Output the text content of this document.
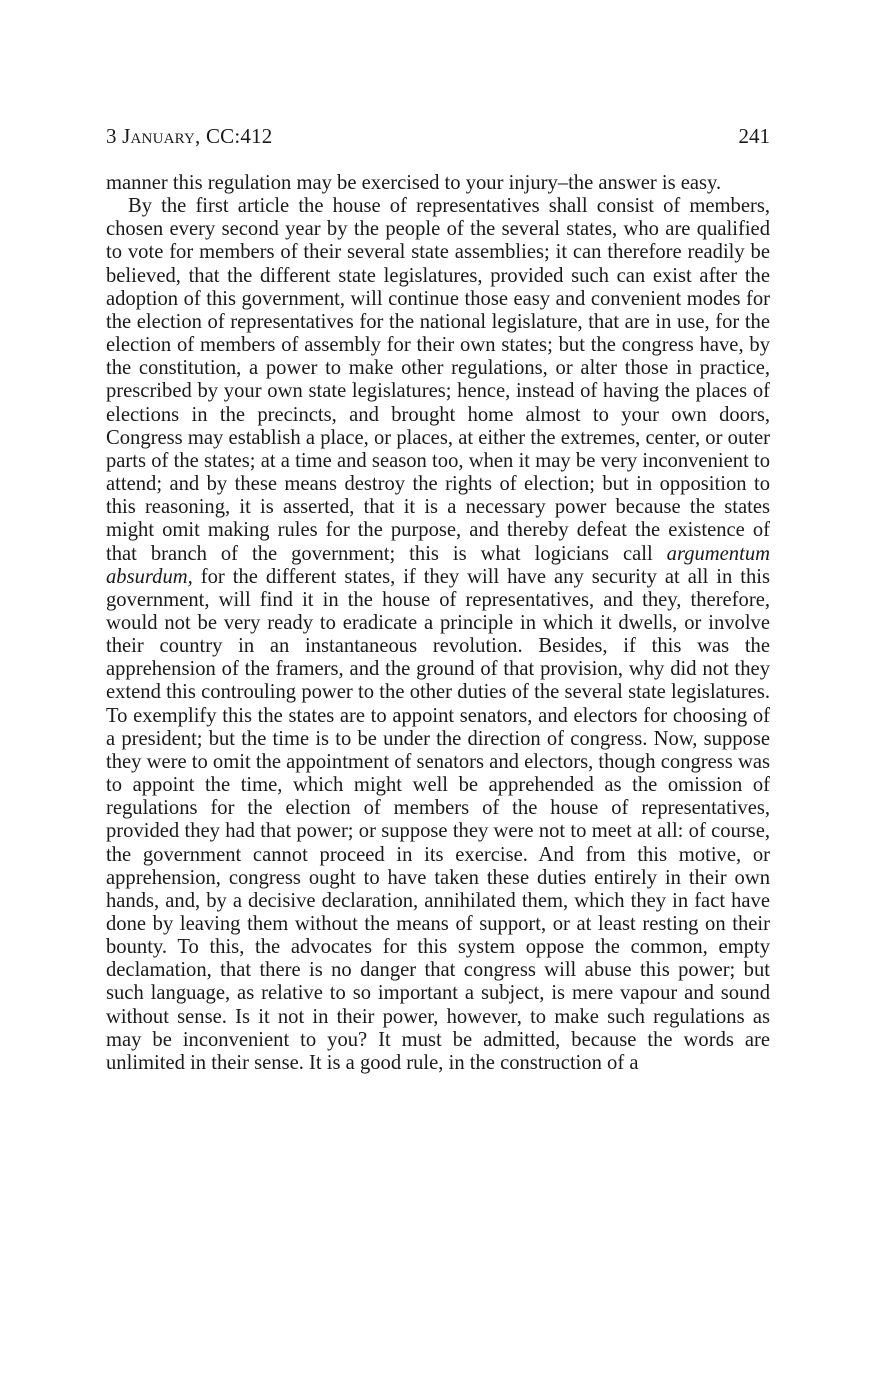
3 January, CC:412	241

manner this regulation may be exercised to your injury–the answer is easy.

By the first article the house of representatives shall consist of members, chosen every second year by the people of the several states, who are qualified to vote for members of their several state assemblies; it can therefore readily be believed, that the different state legislatures, provided such can exist after the adoption of this government, will continue those easy and convenient modes for the election of representatives for the national legislature, that are in use, for the election of members of assembly for their own states; but the congress have, by the constitution, a power to make other regulations, or alter those in practice, prescribed by your own state legislatures; hence, instead of having the places of elections in the precincts, and brought home almost to your own doors, Congress may establish a place, or places, at either the extremes, center, or outer parts of the states; at a time and season too, when it may be very inconvenient to attend; and by these means destroy the rights of election; but in opposition to this reasoning, it is asserted, that it is a necessary power because the states might omit making rules for the purpose, and thereby defeat the existence of that branch of the government; this is what logicians call argumentum absurdum, for the different states, if they will have any security at all in this government, will find it in the house of representatives, and they, therefore, would not be very ready to eradicate a principle in which it dwells, or involve their country in an instantaneous revolution. Besides, if this was the apprehension of the framers, and the ground of that provision, why did not they extend this controuling power to the other duties of the several state legislatures. To exemplify this the states are to appoint senators, and electors for choosing of a president; but the time is to be under the direction of congress. Now, suppose they were to omit the appointment of senators and electors, though congress was to appoint the time, which might well be apprehended as the omission of regulations for the election of members of the house of representatives, provided they had that power; or suppose they were not to meet at all: of course, the government cannot proceed in its exercise. And from this motive, or apprehension, congress ought to have taken these duties entirely in their own hands, and, by a decisive declaration, annihilated them, which they in fact have done by leaving them without the means of support, or at least resting on their bounty. To this, the advocates for this system oppose the common, empty declamation, that there is no danger that congress will abuse this power; but such language, as relative to so important a subject, is mere vapour and sound without sense. Is it not in their power, however, to make such regulations as may be inconvenient to you? It must be admitted, because the words are unlimited in their sense. It is a good rule, in the construction of a
